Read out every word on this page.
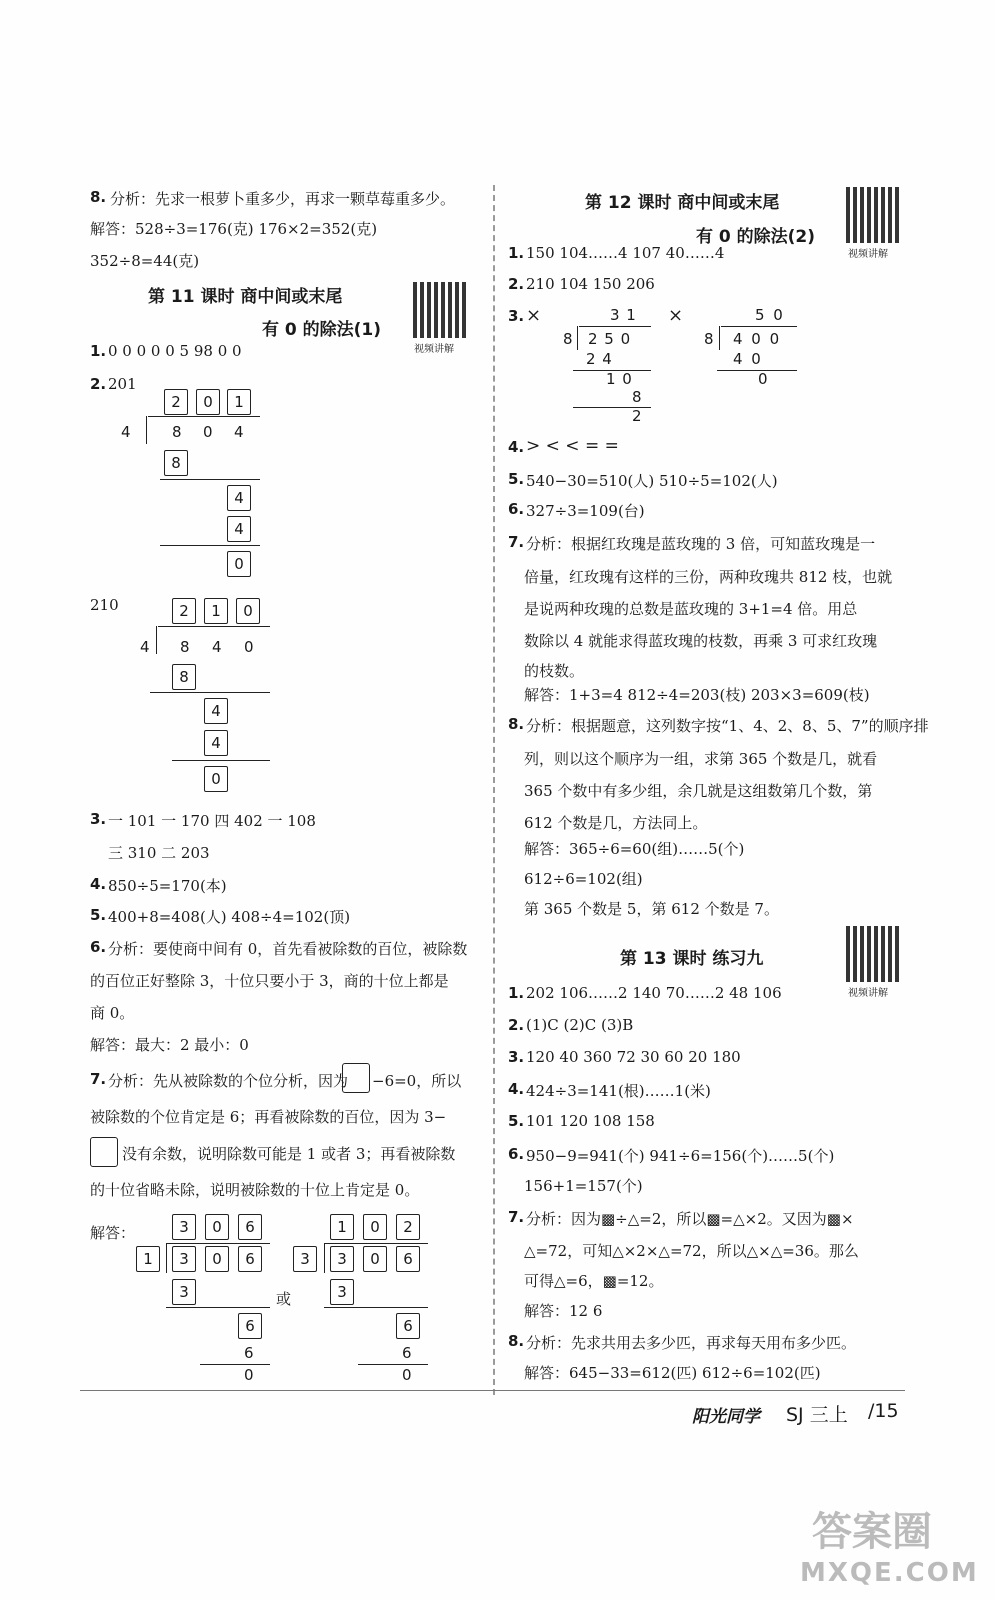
8. 分析：先求一根萝卜重多少，再求一颗草莓重多少。
解答：528÷3=176(克) 176×2=352(克)
352÷8=44(克)
第 11 课时 商中间或末尾
有 0 的除法(1)
视频讲解
1. 0 0 0 0 0 5 98 0 0
2. 201
2	0	1
4	8 0 4
8
4
4
0
210	2	1	0
4 8 4 0
8
4
4
0
3. 一 101 一 170 四 402 一 108
三 310 二 203
4. 850÷5=170(本)
5. 400+8=408(人) 408÷4=102(顶)
6. 分析：要使商中间有 0，首先看被除数的百位，被除数
的百位正好整除 3，十位只要小于 3，商的十位上都是
商 0。
解答：最大：2 最小：0
7. 分析：先从被除数的个位分析，因为 −6=0，所以
被除数的个位肯定是 6；再看被除数的百位，因为 3−
没有余数，说明除数可能是 1 或者 3；再看被除数
的十位省略未除，说明被除数的十位上肯定是 0。
解答：	3	0	6
1	3	0	6
3
6
6
0
或
1	0	2
3	3	0	6
3
6
6
0
第 12 课时 商中间或末尾
有 0 的除法(2)
视频讲解
1. 150 104……4 107 40……4
2. 210 104 150 206
3. ×	3 1
8 2 5 0
2 4
1 0
8
2
×	5 0
8 4 0 0
4 0
0
4. > < < = =
5. 540−30=510(人) 510÷5=102(人)
6. 327÷3=109(台)
7. 分析：根据红玫瑰是蓝玫瑰的 3 倍，可知蓝玫瑰是一
倍量，红玫瑰有这样的三份，两种玫瑰共 812 枝，也就
是说两种玫瑰的总数是蓝玫瑰的 3+1=4 倍。用总
数除以 4 就能求得蓝玫瑰的枝数，再乘 3 可求红玫瑰
的枝数。
解答：1+3=4 812÷4=203(枝) 203×3=609(枝)
8. 分析：根据题意，这列数字按“1、4、2、8、5、7”的顺序排
列，则以这个顺序为一组，求第 365 个数是几，就看
365 个数中有多少组，余几就是这组数第几个数，第
612 个数是几，方法同上。
解答：365÷6=60(组)……5(个)
612÷6=102(组)
第 365 个数是 5，第 612 个数是 7。
第 13 课时 练习九
视频讲解
1. 202 106……2 140 70……2 48 106
2. (1)C (2)C (3)B
3. 120 40 360 72 30 60 20 180
4. 424÷3=141(根)……1(米)
5. 101 120 108 158
6. 950−9=941(个) 941÷6=156(个)……5(个)
156+1=157(个)
7. 分析：因为▩÷△=2，所以▩=△×2。又因为▩×
△=72，可知△×2×△=72，所以△×△=36。那么
可得△=6，▩=12。
解答：12 6
8. 分析：先求共用去多少匹，再求每天用布多少匹。
解答：645−33=612(匹) 612÷6=102(匹)
阳光同学 SJ 三上 /15
答案圈
MXQE.COM
